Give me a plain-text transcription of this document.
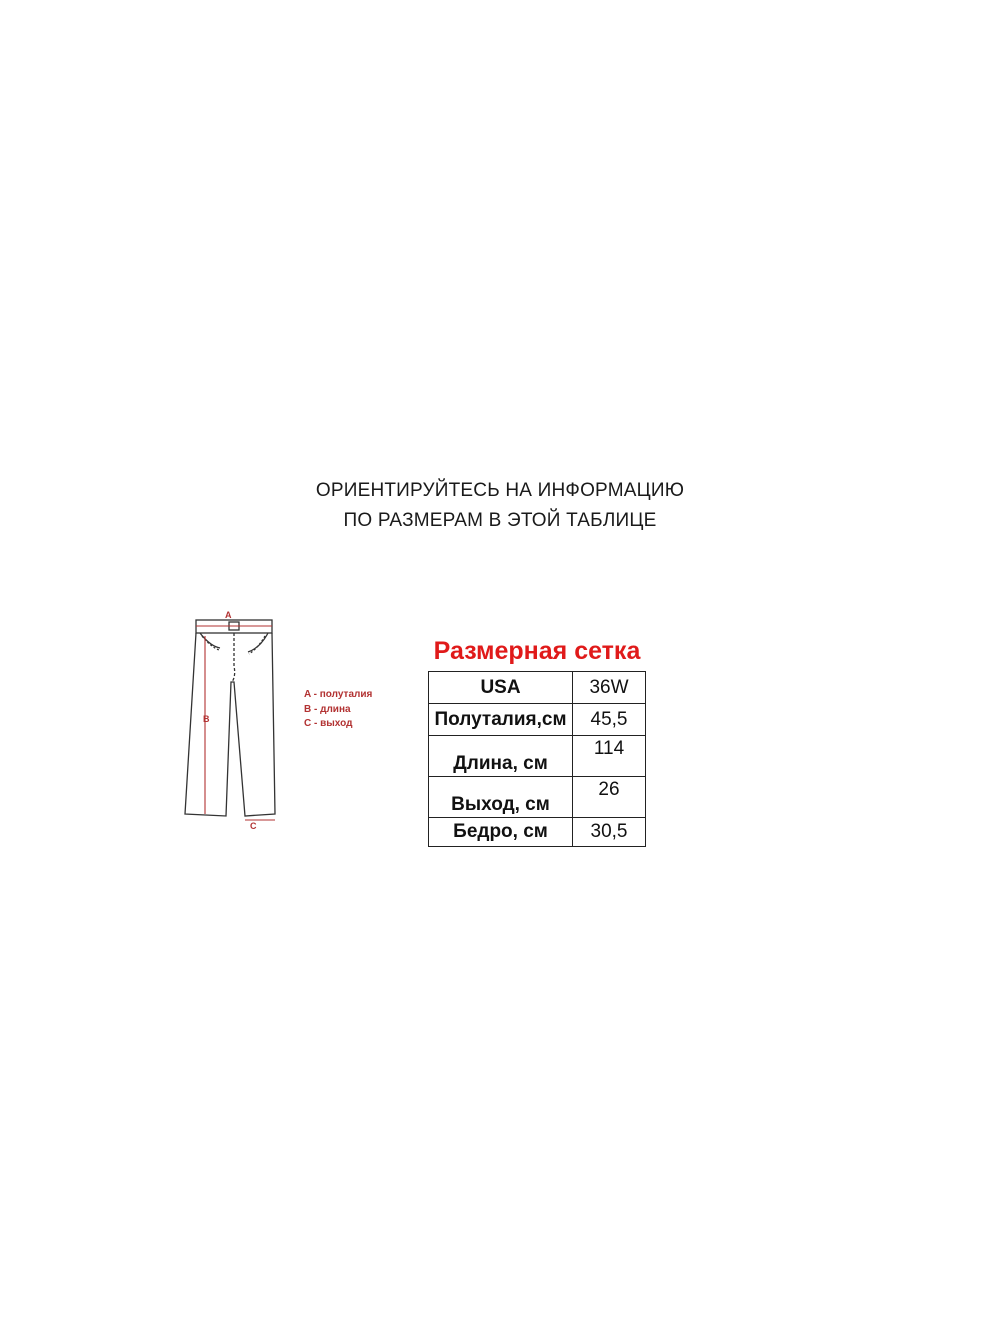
ОРИЕНТИРУЙТЕСЬ НА ИНФОРМАЦИЮ
ПО РАЗМЕРАМ В ЭТОЙ ТАБЛИЦЕ
A
B
C
A - полуталия
B - длина
C - выход
Размерная сетка
USA	36W
Полуталия,см	45,5
Длина, см	114
Выход, см	26
Бедро, см	30,5
